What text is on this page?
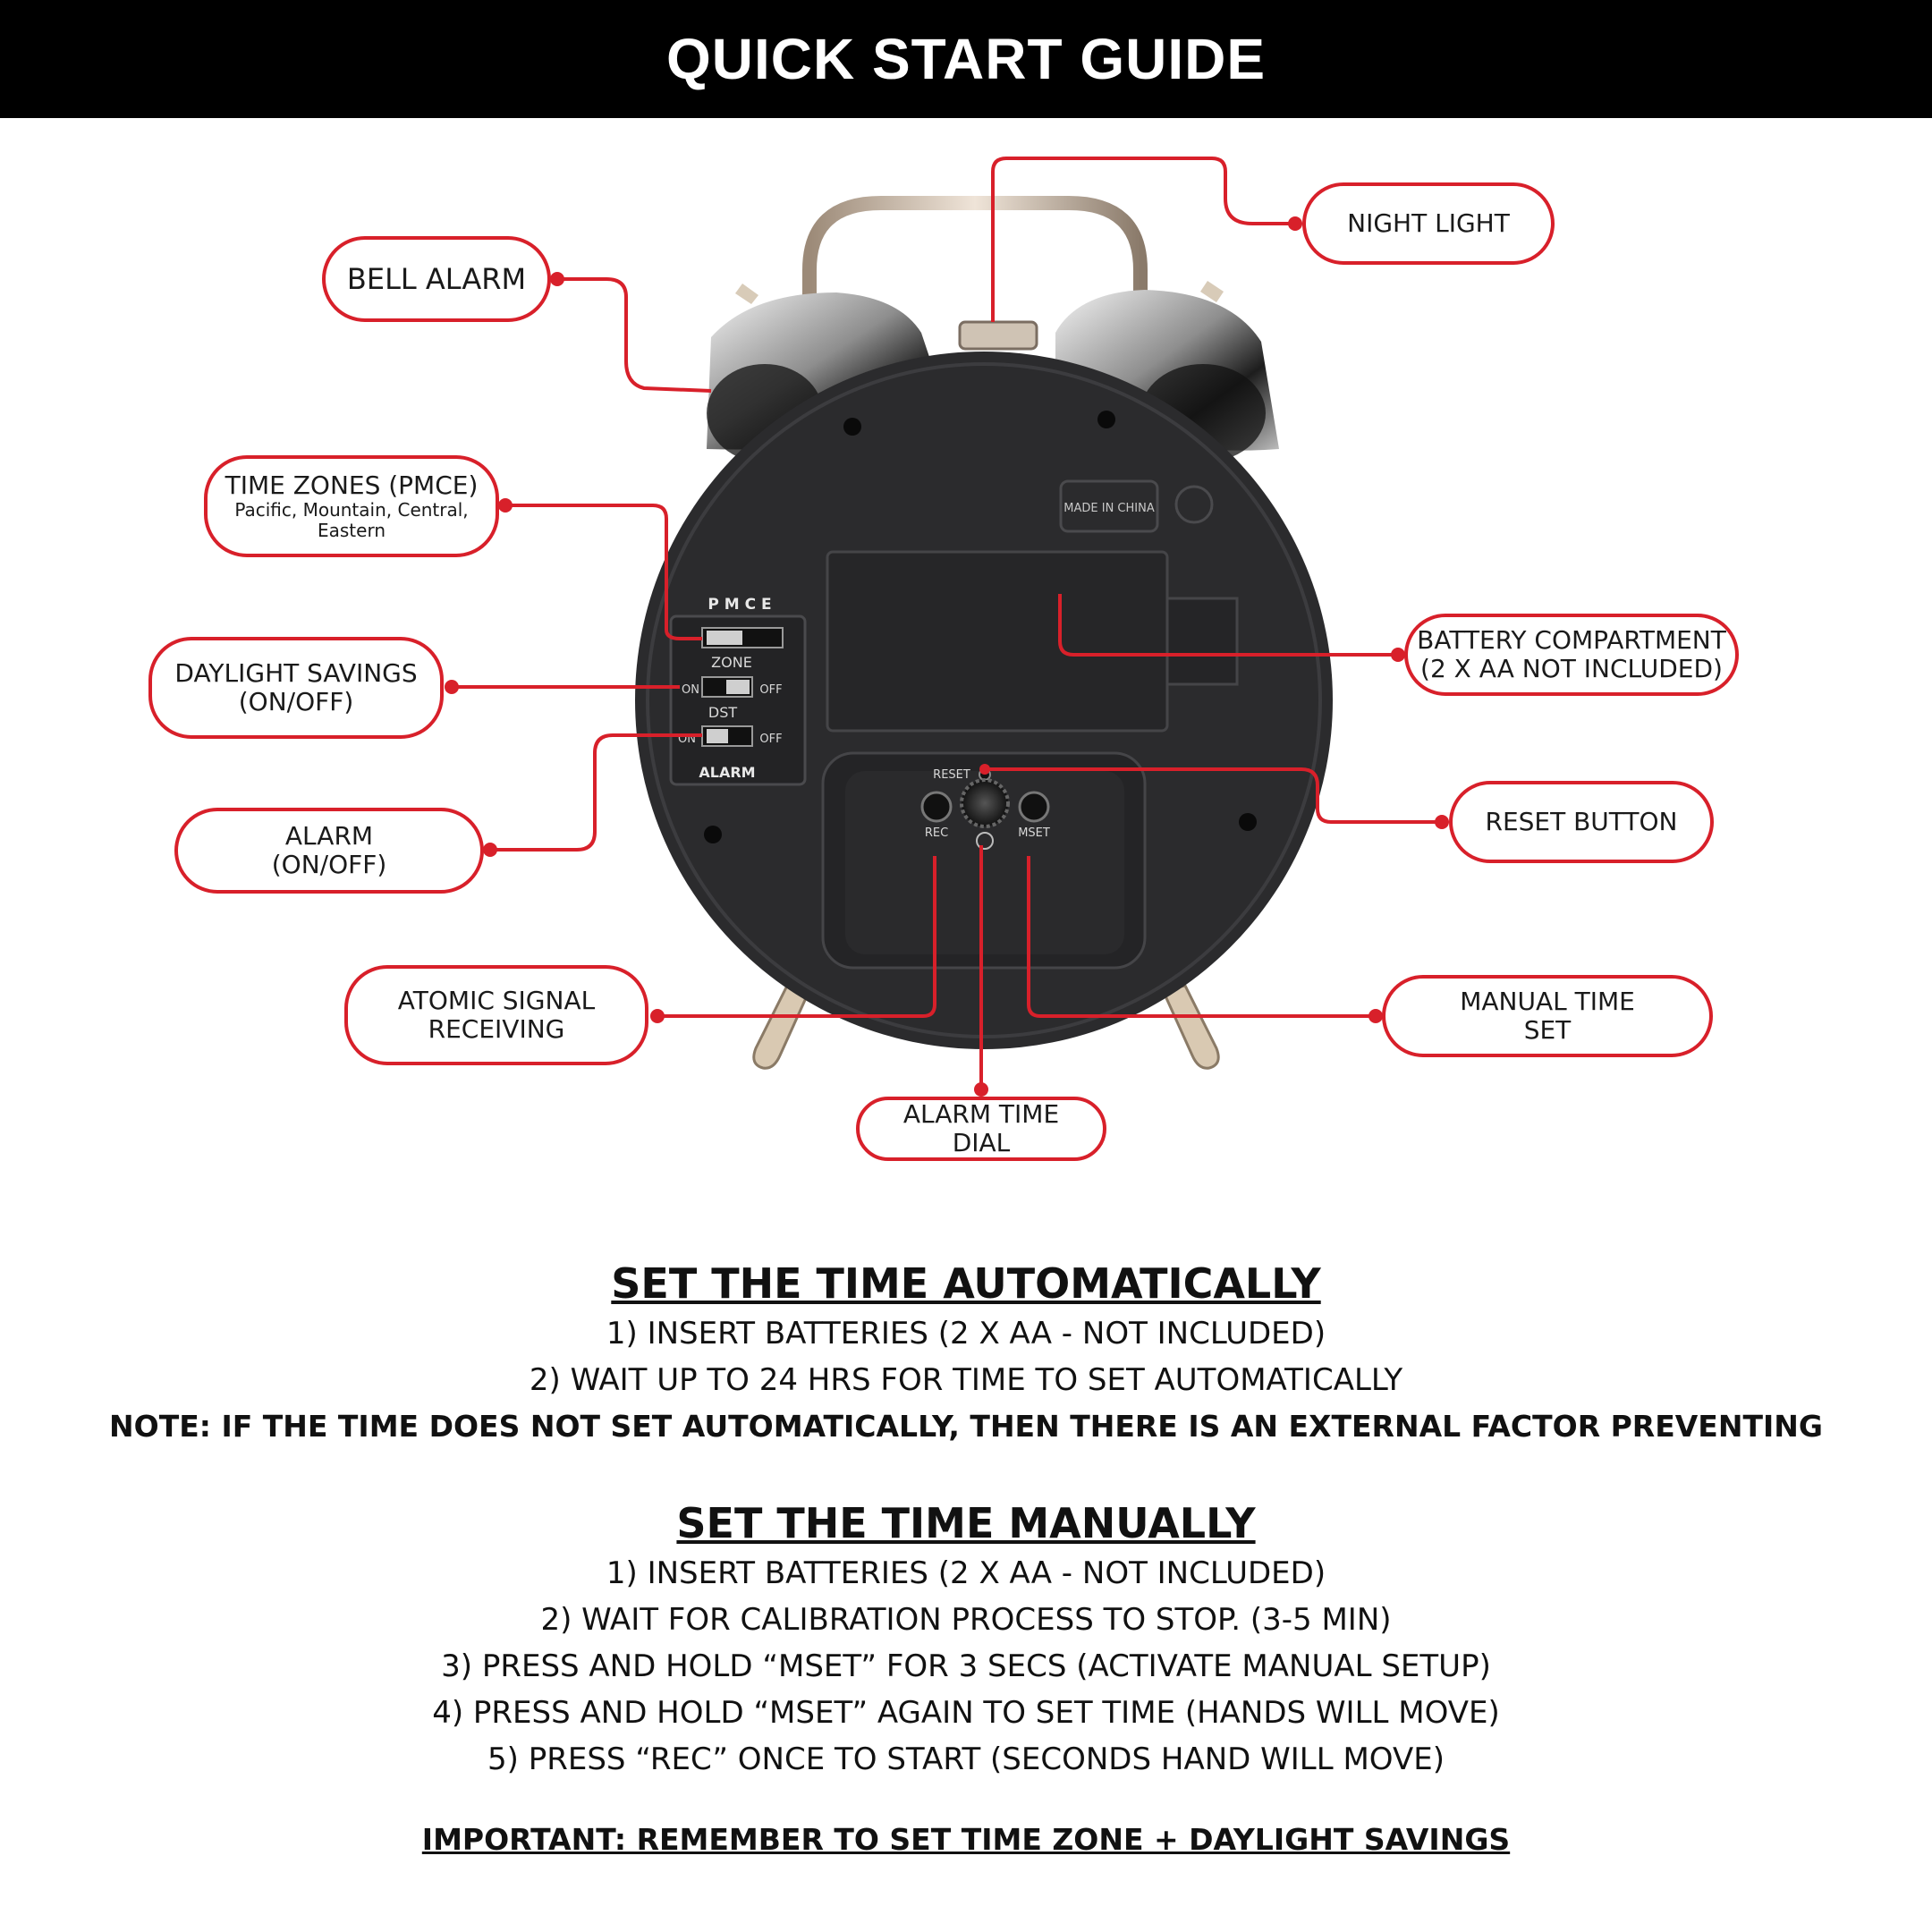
QUICK START GUIDE
MADE IN CHINA
P M C E
ZONE
ON	OFF
DST
ON	OFF
ALARM	RESET
REC	MSET
NIGHT LIGHT
BELL ALARM
TIME ZONES (PMCE)
Pacific, Mountain, Central, Eastern
DAYLIGHT SAVINGS
(ON/OFF)
ALARM
(ON/OFF)
BATTERY COMPARTMENT
(2 X AA NOT INCLUDED)
RESET BUTTON
ATOMIC SIGNAL
RECEIVING
MANUAL TIME
SET
ALARM TIME
DIAL

SET THE TIME AUTOMATICALLY

1) INSERT BATTERIES (2 X AA - NOT INCLUDED)

2) WAIT UP TO 24 HRS FOR TIME TO SET AUTOMATICALLY

NOTE: IF THE TIME DOES NOT SET AUTOMATICALLY, THEN THERE IS AN EXTERNAL FACTOR PREVENTING

SET THE TIME MANUALLY

1) INSERT BATTERIES (2 X AA - NOT INCLUDED)

2) WAIT FOR CALIBRATION PROCESS TO STOP. (3-5 MIN)

3) PRESS AND HOLD “MSET” FOR 3 SECS (ACTIVATE MANUAL SETUP)

4) PRESS AND HOLD “MSET” AGAIN TO SET TIME (HANDS WILL MOVE)

5) PRESS “REC” ONCE TO START (SECONDS HAND WILL MOVE)

IMPORTANT: REMEMBER TO SET TIME ZONE + DAYLIGHT SAVINGS
